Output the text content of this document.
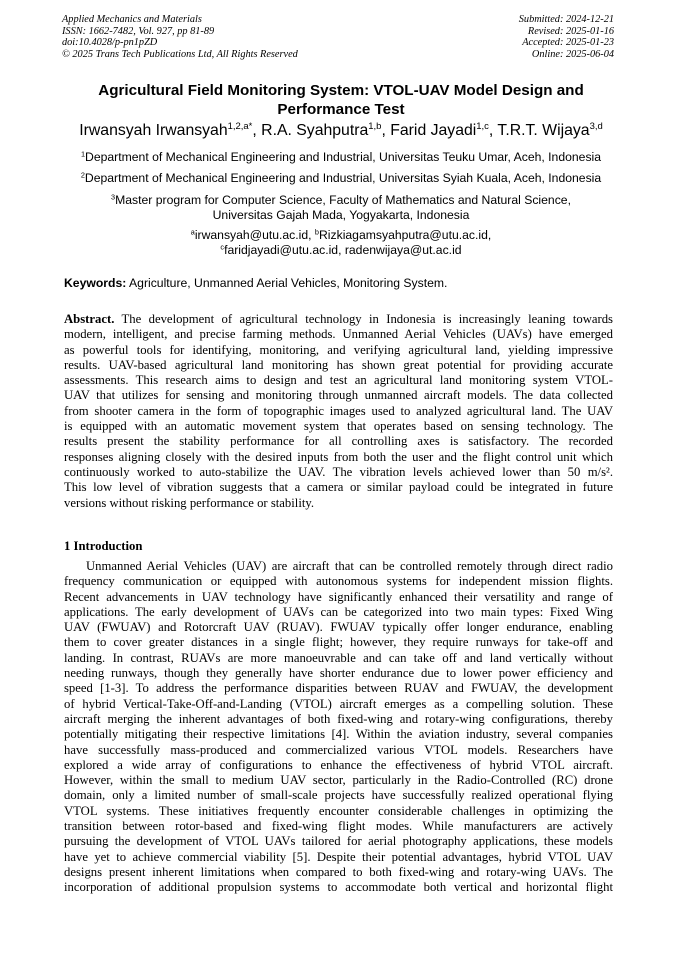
Applied Mechanics and Materials
ISSN: 1662-7482, Vol. 927, pp 81-89
doi:10.4028/p-pn1pZD
© 2025 Trans Tech Publications Ltd, All Rights Reserved
Submitted: 2024-12-21
Revised: 2025-01-16
Accepted: 2025-01-23
Online: 2025-06-04
Agricultural Field Monitoring System: VTOL-UAV Model Design and
Performance Test
Irwansyah Irwansyah$^{1,2,a*}$, R.A. Syahputra$^{1,b}$, Farid Jayadi$^{1,c}$, T.R.T. Wijaya$^{3,d}$
$^1$Department of Mechanical Engineering and Industrial, Universitas Teuku Umar, Aceh, Indonesia
$^2$Department of Mechanical Engineering and Industrial, Universitas Syiah Kuala, Aceh, Indonesia
$^3$Master program for Computer Science, Faculty of Mathematics and Natural Science,
Universitas Gajah Mada, Yogyakarta, Indonesia
$^a$irwansyah@utu.ac.id, $^b$Rizkiagamsyahputra@utu.ac.id,
$^c$faridjayadi@utu.ac.id, radenwijaya@ut.ac.id
Keywords: Agriculture, Unmanned Aerial Vehicles, Monitoring System.
Abstract. The development of agricultural technology in Indonesia is increasingly leaning towards
modern, intelligent, and precise farming methods. Unmanned Aerial Vehicles (UAVs) have emerged
as powerful tools for identifying, monitoring, and verifying agricultural land, yielding impressive
results. UAV-based agricultural land monitoring has shown great potential for providing accurate
assessments. This research aims to design and test an agricultural land monitoring system VTOL-
UAV that utilizes for sensing and monitoring through unmanned aircraft models. The data collected
from shooter camera in the form of topographic images used to analyzed agricultural land. The UAV
is equipped with an automatic movement system that operates based on sensing technology. The
results present the stability performance for all controlling axes is satisfactory. The recorded
responses aligning closely with the desired inputs from both the user and the flight control unit which
continuously worked to auto-stabilize the UAV. The vibration levels achieved lower than 50 m/s².
This low level of vibration suggests that a camera or similar payload could be integrated in future
versions without risking performance or stability.
1 Introduction
Unmanned Aerial Vehicles (UAV) are aircraft that can be controlled remotely through direct radio
frequency communication or equipped with autonomous systems for independent mission flights.
Recent advancements in UAV technology have significantly enhanced their versatility and range of
applications. The early development of UAVs can be categorized into two main types: Fixed Wing
UAV (FWUAV) and Rotorcraft UAV (RUAV). FWUAV typically offer longer endurance, enabling
them to cover greater distances in a single flight; however, they require runways for take-off and
landing. In contrast, RUAVs are more manoeuvrable and can take off and land vertically without
needing runways, though they generally have shorter endurance due to lower power efficiency and
speed [1-3]. To address the performance disparities between RUAV and FWUAV, the development
of hybrid Vertical-Take-Off-and-Landing (VTOL) aircraft emerges as a compelling solution. These
aircraft merging the inherent advantages of both fixed-wing and rotary-wing configurations, thereby
potentially mitigating their respective limitations [4]. Within the aviation industry, several companies
have successfully mass-produced and commercialized various VTOL models. Researchers have
explored a wide array of configurations to enhance the effectiveness of hybrid VTOL aircraft.
However, within the small to medium UAV sector, particularly in the Radio-Controlled (RC) drone
domain, only a limited number of small-scale projects have successfully realized operational flying
VTOL systems. These initiatives frequently encounter considerable challenges in optimizing the
transition between rotor-based and fixed-wing flight modes. While manufacturers are actively
pursuing the development of VTOL UAVs tailored for aerial photography applications, these models
have yet to achieve commercial viability [5]. Despite their potential advantages, hybrid VTOL UAV
designs present inherent limitations when compared to both fixed-wing and rotary-wing UAVs. The
incorporation of additional propulsion systems to accommodate both vertical and horizontal flight
